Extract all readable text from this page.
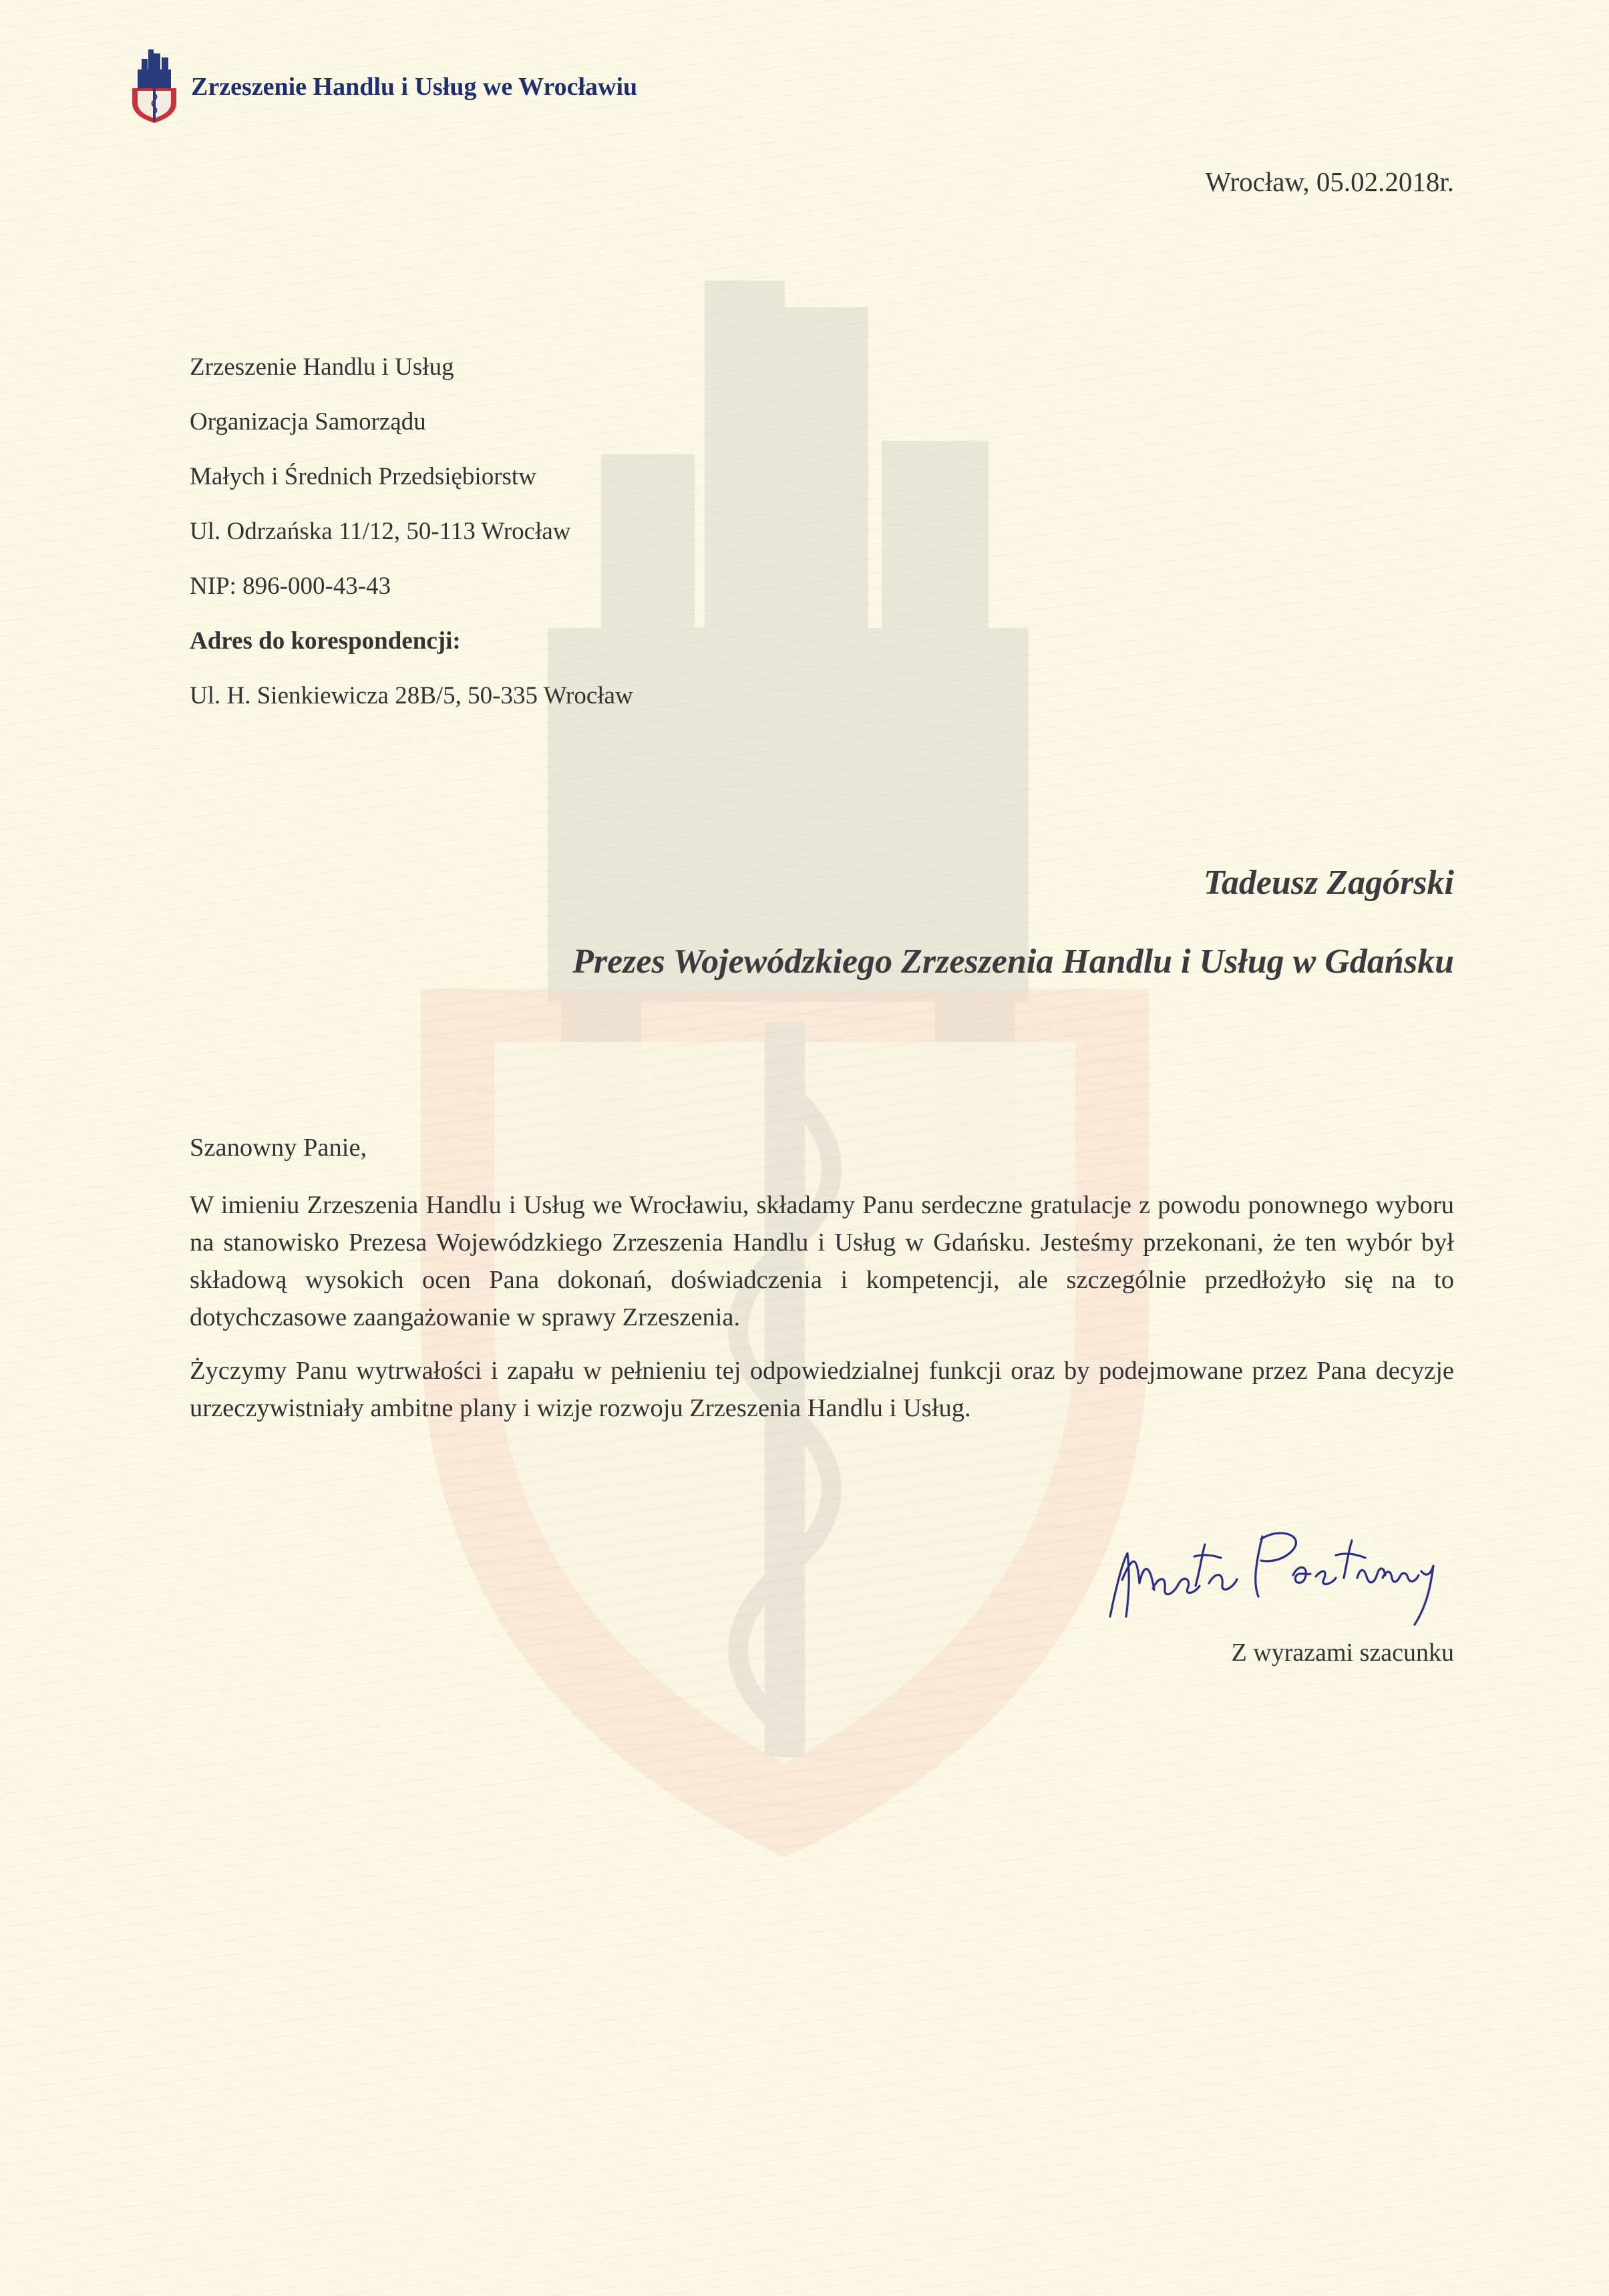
Zrzeszenie Handlu i Usług we Wrocławiu
Wrocław, 05.02.2018r.
Zrzeszenie Handlu i Usług
Organizacja Samorządu
Małych i Średnich Przedsiębiorstw
Ul. Odrzańska 11/12, 50-113 Wrocław
NIP: 896-000-43-43
Adres do korespondencji:
Ul. H. Sienkiewicza 28B/5, 50-335 Wrocław
Tadeusz Zagórski
Prezes Wojewódzkiego Zrzeszenia Handlu i Usług w Gdańsku

Szanowny Panie,

W imieniu Zrzeszenia Handlu i Usług we Wrocławiu, składamy Panu serdeczne gratulacje z powodu ponownego wyboru na stanowisko Prezesa Wojewódzkiego Zrzeszenia Handlu i Usług w Gdańsku. Jesteśmy przekonani, że ten wybór był składową wysokich ocen Pana dokonań, doświadczenia i kompetencji, ale szczególnie przedłożyło się na to dotychczasowe zaangażowanie w sprawy Zrzeszenia.

Życzymy Panu wytrwałości i zapału w pełnieniu tej odpowiedzialnej funkcji oraz by podejmowane przez Pana decyzje urzeczywistniały ambitne plany i wizje rozwoju Zrzeszenia Handlu i Usług.

Z wyrazami szacunku
